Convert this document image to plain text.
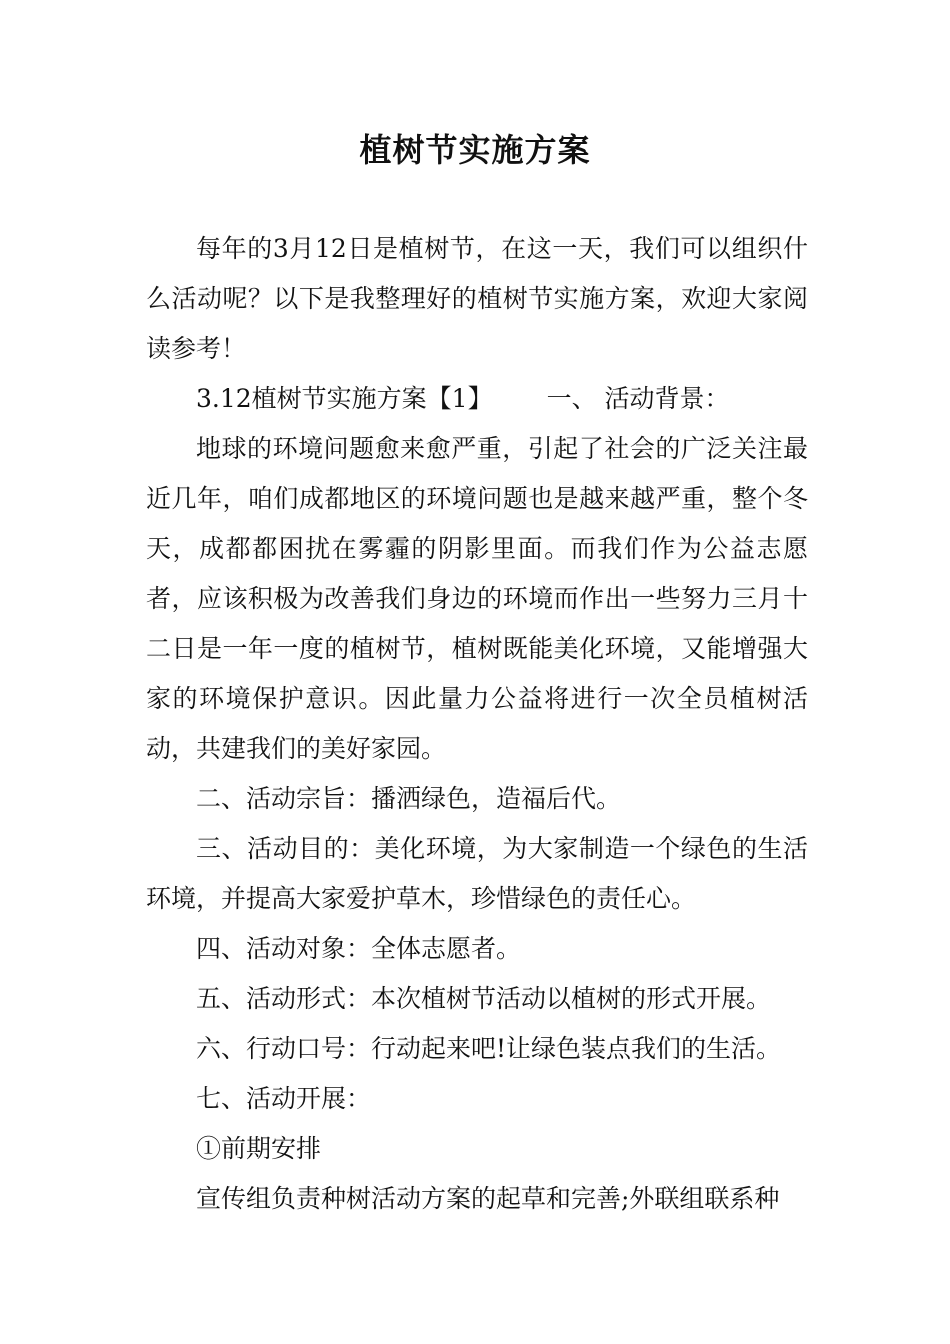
植树节实施方案

每年的3月12日是植树节，在这一天，我们可以组织什么活动呢？以下是我整理好的植树节实施方案，欢迎大家阅读参考！

3.12植树节实施方案【1】 一、 活动背景：

地球的环境问题愈来愈严重，引起了社会的广泛关注最近几年，咱们成都地区的环境问题也是越来越严重，整个冬天，成都都困扰在雾霾的阴影里面。而我们作为公益志愿者，应该积极为改善我们身边的环境而作出一些努力三月十二日是一年一度的植树节，植树既能美化环境，又能增强大家的环境保护意识。因此量力公益将进行一次全员植树活动，共建我们的美好家园。

二、活动宗旨：播洒绿色，造福后代。

三、活动目的：美化环境，为大家制造一个绿色的生活环境，并提高大家爱护草木，珍惜绿色的责任心。

四、活动对象：全体志愿者。

五、活动形式：本次植树节活动以植树的形式开展。

六、行动口号：行动起来吧!让绿色装点我们的生活。

七、活动开展：

①前期安排

宣传组负责种树活动方案的起草和完善;外联组联系种
